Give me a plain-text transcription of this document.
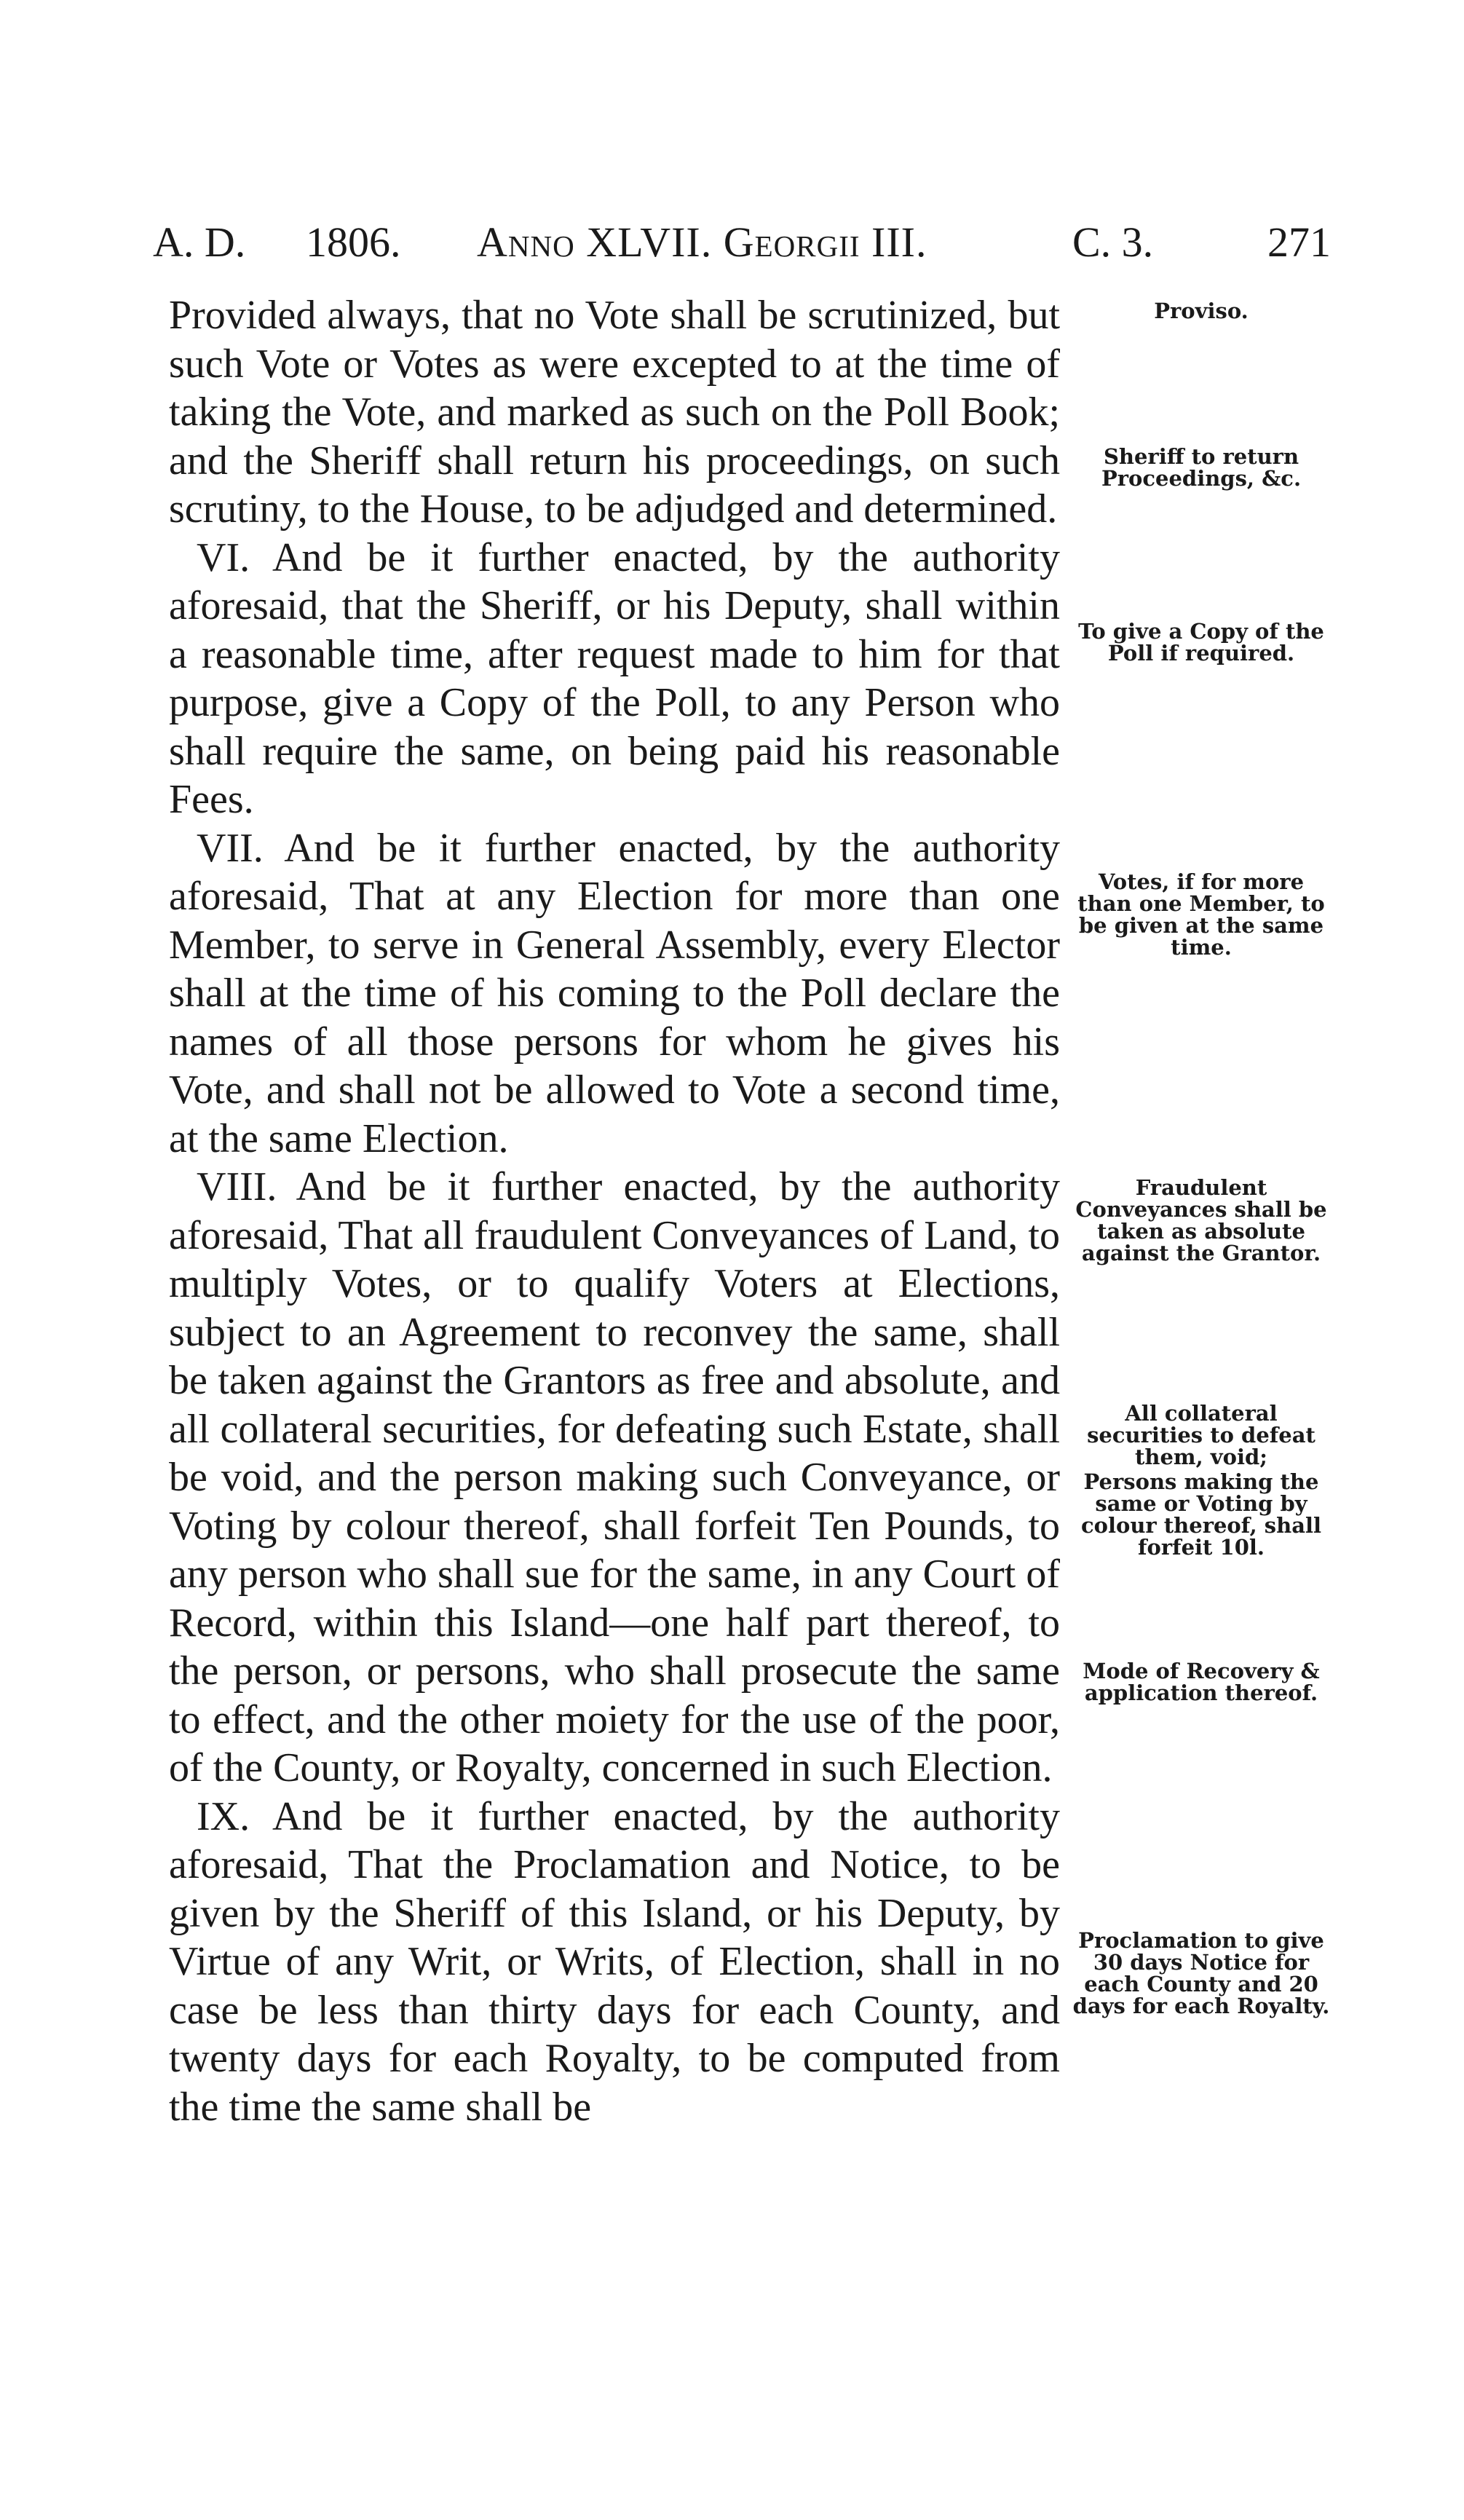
A. D. 1806. Anno XLVII. Georgii III.	C. 3.	271

Provided always, that no Vote shall be scrutinized, but such Vote or Votes as were excepted to at the time of taking the Vote, and marked as such on the Poll Book; and the Sheriff shall return his proceedings, on such scrutiny, to the House, to be adjudged and determined.

VI. And be it further enacted, by the authority aforesaid, that the Sheriff, or his Deputy, shall within a reasonable time, after request made to him for that purpose, give a Copy of the Poll, to any Person who shall require the same, on being paid his reasonable Fees.

VII. And be it further enacted, by the authority aforesaid, That at any Election for more than one Member, to serve in General Assembly, every Elector shall at the time of his coming to the Poll declare the names of all those persons for whom he gives his Vote, and shall not be allowed to Vote a second time, at the same Election.

VIII. And be it further enacted, by the authority aforesaid, That all fraudulent Conveyances of Land, to multiply Votes, or to qualify Voters at Elections, subject to an Agreement to reconvey the same, shall be taken against the Grantors as free and absolute, and all collateral securities, for defeating such Estate, shall be void, and the person making such Conveyance, or Voting by colour thereof, shall forfeit Ten Pounds, to any person who shall sue for the same, in any Court of Record, within this Island—one half part thereof, to the person, or persons, who shall prosecute the same to effect, and the other moiety for the use of the poor, of the County, or Royalty, concerned in such Election.

IX. And be it further enacted, by the authority aforesaid, That the Proclamation and Notice, to be given by the Sheriff of this Island, or his Deputy, by Virtue of any Writ, or Writs, of Election, shall in no case be less than thirty days for each County, and twenty days for each Royalty, to be computed from the time the same shall be

Proviso.
Sheriff to return Proceedings, &c.
To give a Copy of the Poll if required.
Votes, if for more than one Member, to be given at the same time.
Fraudulent Conveyances shall be taken as absolute against the Grantor.
All collateral securities to defeat them, void;
Persons making the same or Voting by colour thereof, shall forfeit 10l.
Mode of Recovery & application thereof.
Proclamation to give 30 days Notice for each County and 20 days for each Royalty.
